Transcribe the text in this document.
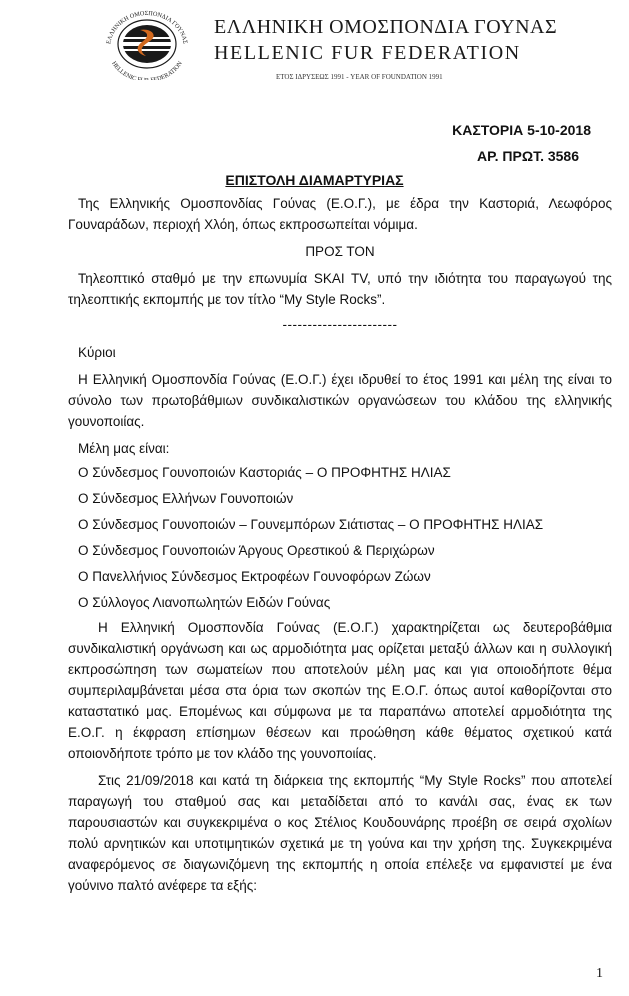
ΕΛΛΗΝΙΚΗ ΟΜΟΣΠΟΝΔΙΑ ΓΟΥΝΑΣ
HELLENIC F EDERATION
ΕΛΛΗΝΙΚΗ ΟΜΟΣΠΟΝΔΙΑ ΓΟΥΝΑΣ
HELLENIC FUR FEDERATION
ΕΤΟΣ ΙΔΡΥΣΕΩΣ 1991 - YEAR OF FOUNDATION 1991
ΚΑΣΤΟΡΙΑ 5-10-2018
ΑΡ. ΠΡΩΤ. 3586
ΕΠΙΣΤΟΛΗ ΔΙΑΜΑΡΤΥΡΙΑΣ

Της Ελληνικής Ομοσπονδίας Γούνας (Ε.Ο.Γ.), με έδρα την Καστοριά, Λεωφόρος Γουναράδων, περιοχή Χλόη, όπως εκπροσωπείται νόμιμα.

ΠΡΟΣ ΤΟΝ

Τηλεοπτικό σταθμό με την επωνυμία SKAI TV, υπό την ιδιότητα του παραγωγού της τηλεοπτικής εκπομπής με τον τίτλο “My Style Rocks”.

-----------------------

Κύριοι

Η Ελληνική Ομοσπονδία Γούνας (Ε.Ο.Γ.) έχει ιδρυθεί το έτος 1991 και μέλη της είναι το σύνολο των πρωτοβάθμιων συνδικαλιστικών οργανώσεων του κλάδου της ελληνικής γουνοποιίας.

Μέλη μας είναι:

Ο Σύνδεσμος Γουνοποιών Καστοριάς – Ο ΠΡΟΦΗΤΗΣ ΗΛΙΑΣ

Ο Σύνδεσμος Ελλήνων Γουνοποιών

Ο Σύνδεσμος Γουνοποιών – Γουνεμπόρων Σιάτιστας – Ο ΠΡΟΦΗΤΗΣ ΗΛΙΑΣ

Ο Σύνδεσμος Γουνοποιών Άργους Ορεστικού & Περιχώρων

Ο Πανελλήνιος Σύνδεσμος Εκτροφέων Γουνοφόρων Ζώων

Ο Σύλλογος Λιανοπωλητών Ειδών Γούνας

Η Ελληνική Ομοσπονδία Γούνας (Ε.Ο.Γ.) χαρακτηρίζεται ως δευτεροβάθμια συνδικαλιστική οργάνωση και ως αρμοδιότητα μας ορίζεται μεταξύ άλλων και η συλλογική εκπροσώπηση των σωματείων που αποτελούν μέλη μας και για οποιοδήποτε θέμα συμπεριλαμβάνεται μέσα στα όρια των σκοπών της Ε.Ο.Γ. όπως αυτοί καθορίζονται στο καταστατικό μας. Επομένως και σύμφωνα με τα παραπάνω αποτελεί αρμοδιότητα της Ε.Ο.Γ. η έκφραση επίσημων θέσεων και προώθηση κάθε θέματος σχετικού κατά οποιονδήποτε τρόπο με τον κλάδο της γουνοποιίας.

Στις 21/09/2018 και κατά τη διάρκεια της εκπομπής “My Style Rocks” που αποτελεί παραγωγή του σταθμού σας και μεταδίδεται από το κανάλι σας, ένας εκ των παρουσιαστών και συγκεκριμένα ο κος Στέλιος Κουδουνάρης προέβη σε σειρά σχολίων πολύ αρνητικών και υποτιμητικών σχετικά με τη γούνα και την χρήση της. Συγκεκριμένα αναφερόμενος σε διαγωνιζόμενη της εκπομπής η οποία επέλεξε να εμφανιστεί με ένα γούνινο παλτό ανέφερε τα εξής:

1
